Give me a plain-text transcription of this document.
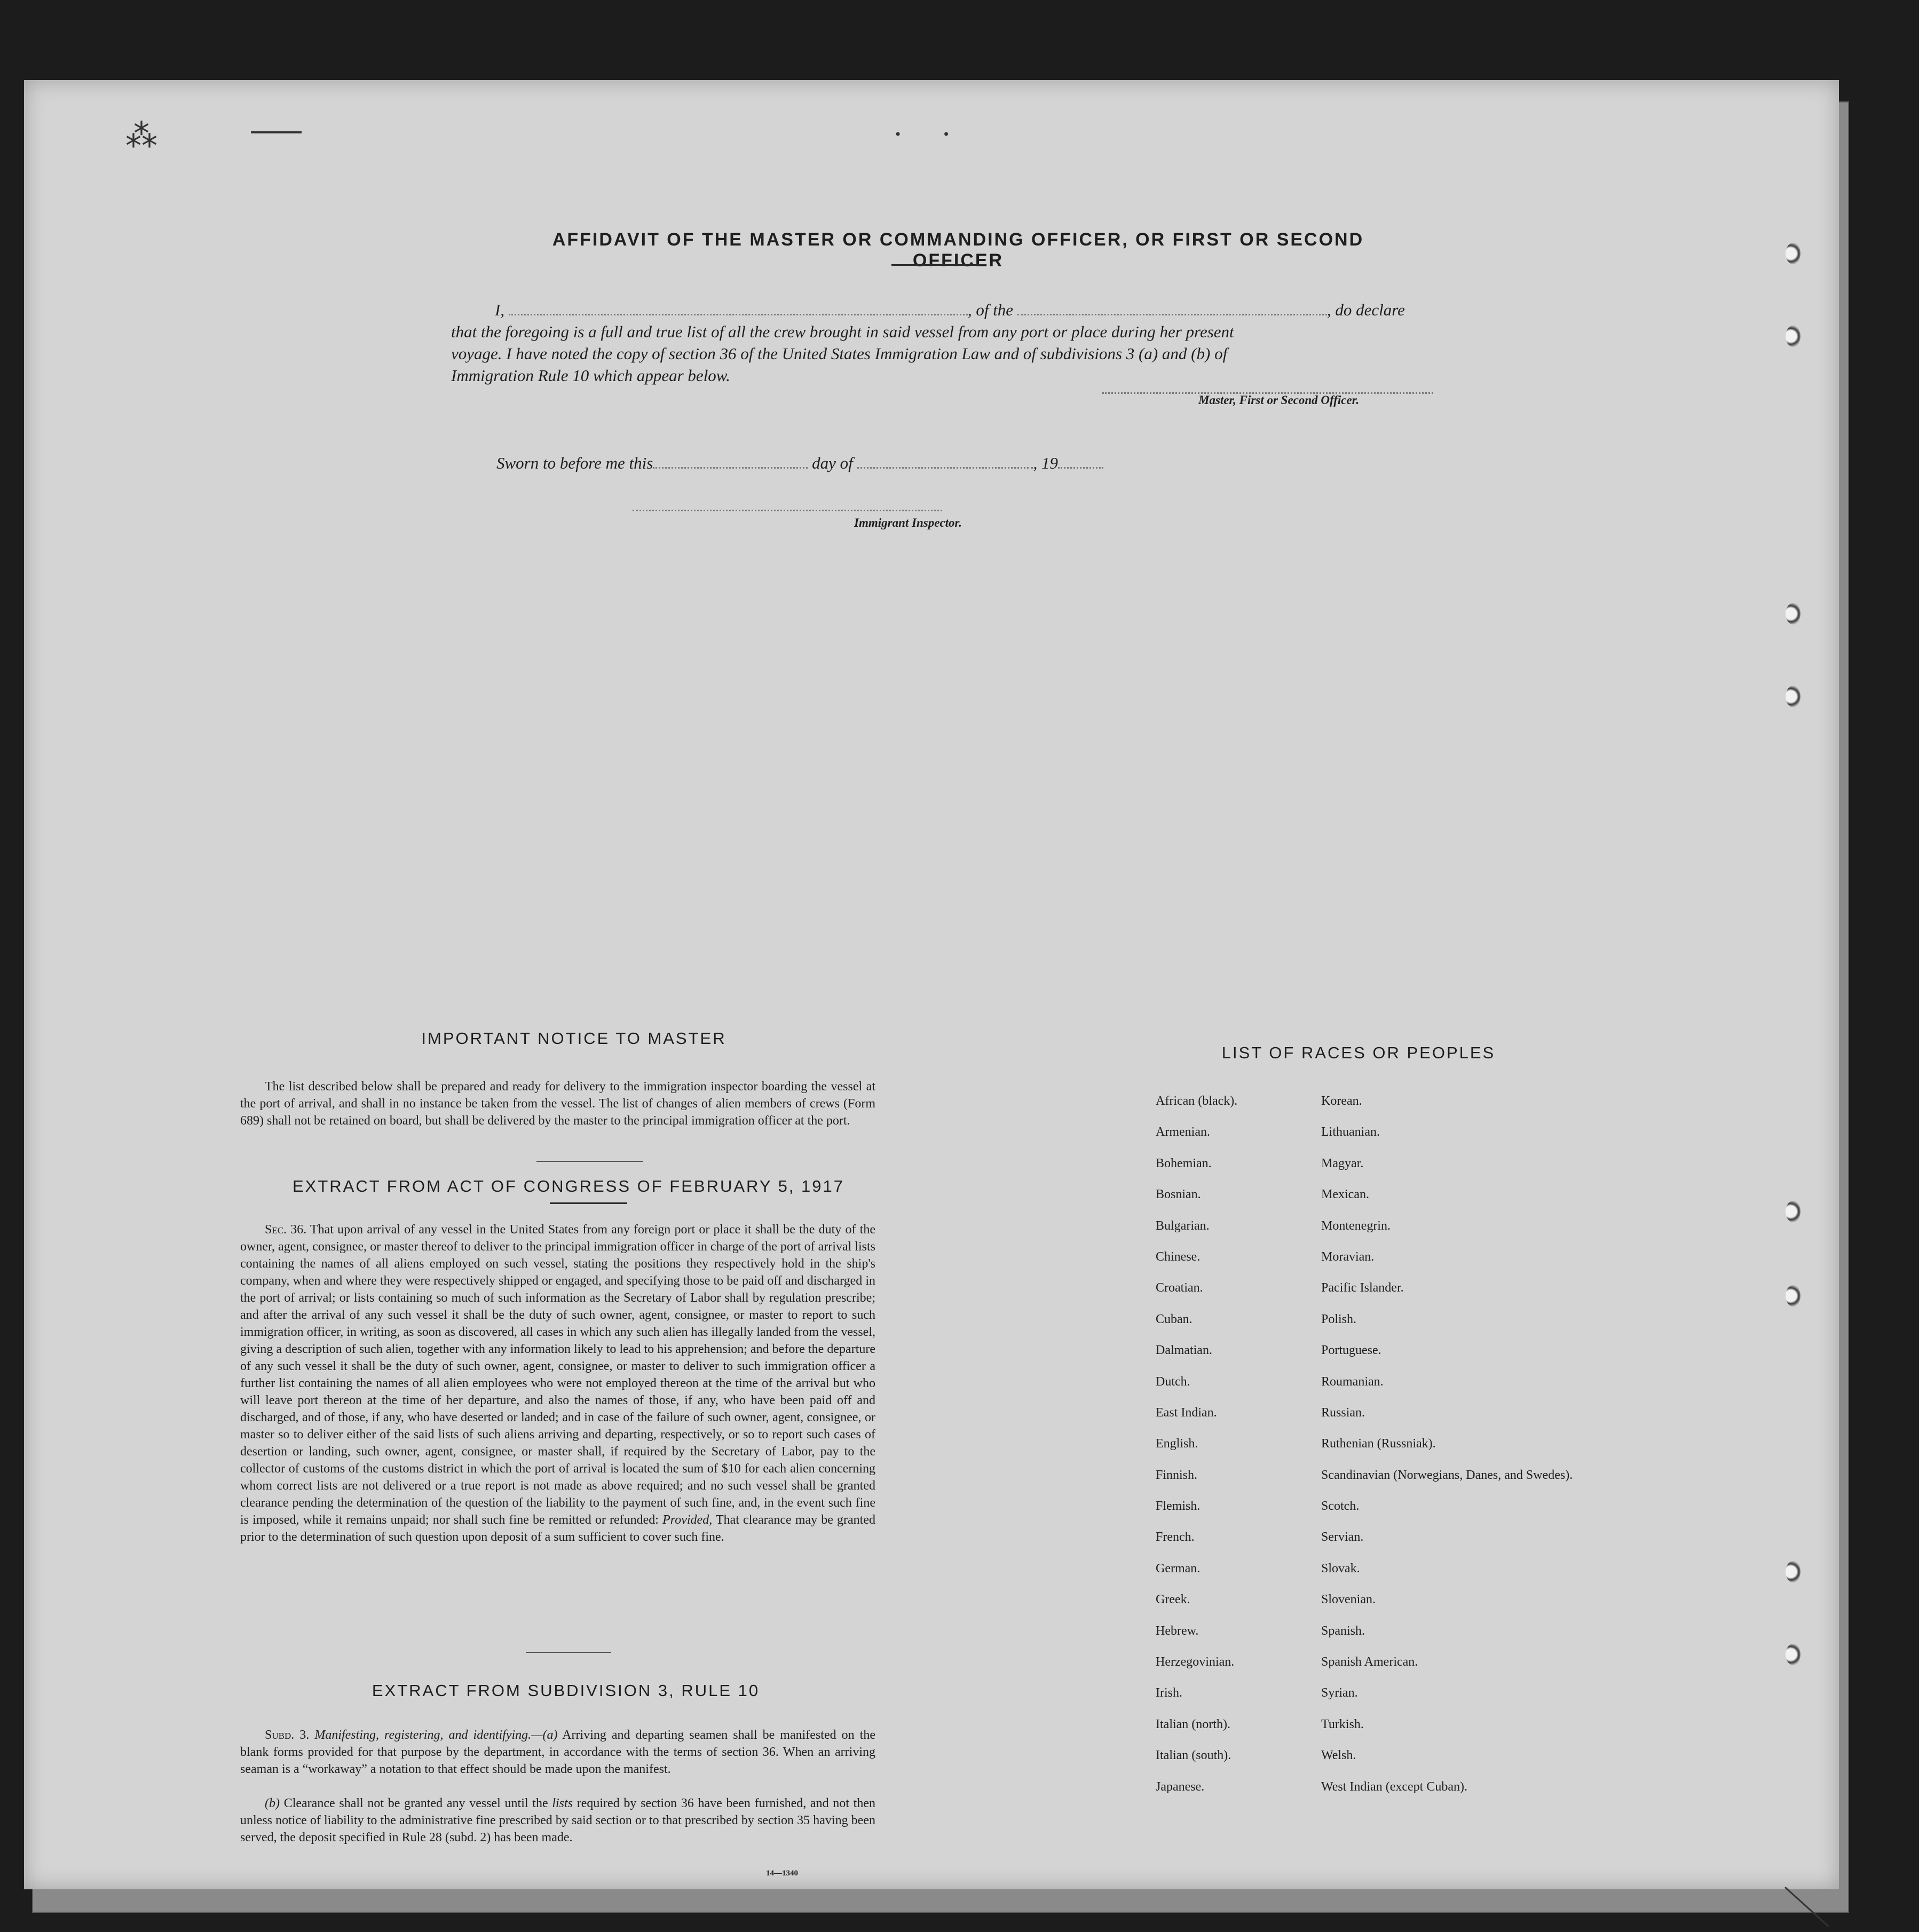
⁂	•          •
AFFIDAVIT OF THE MASTER OR COMMANDING OFFICER, OR FIRST OR SECOND OFFICER
I,	, of the	, do declare
that the foregoing is a full and true list of all the crew brought in said vessel from any port or place during her present
voyage. I have noted the copy of section 36 of the United States Immigration Law and of subdivisions 3 (a) and (b) of
Immigration Rule 10 which appear below.
Master, First or Second Officer.
Sworn to before me this	day of	, 19
Immigrant Inspector.
IMPORTANT NOTICE TO MASTER
The list described below shall be prepared and ready for delivery to the immigration inspector boarding the vessel at the port of arrival, and shall in no instance be taken from the vessel. The list of changes of alien members of crews (Form 689) shall not be retained on board, but shall be delivered by the master to the principal immigration officer at the port.
EXTRACT FROM ACT OF CONGRESS OF FEBRUARY 5, 1917
Sec. 36. That upon arrival of any vessel in the United States from any foreign port or place it shall be the duty of the owner, agent, consignee, or master thereof to deliver to the principal immigration officer in charge of the port of arrival lists containing the names of all aliens employed on such vessel, stating the positions they respectively hold in the ship's company, when and where they were respectively shipped or engaged, and specifying those to be paid off and discharged in the port of arrival; or lists containing so much of such information as the Secretary of Labor shall by regulation prescribe; and after the arrival of any such vessel it shall be the duty of such owner, agent, consignee, or master to report to such immigration officer, in writing, as soon as discovered, all cases in which any such alien has illegally landed from the vessel, giving a description of such alien, together with any information likely to lead to his apprehension; and before the departure of any such vessel it shall be the duty of such owner, agent, consignee, or master to deliver to such immigration officer a further list containing the names of all alien employees who were not employed thereon at the time of the arrival but who will leave port thereon at the time of her departure, and also the names of those, if any, who have been paid off and discharged, and of those, if any, who have deserted or landed; and in case of the failure of such owner, agent, consignee, or master so to deliver either of the said lists of such aliens arriving and departing, respectively, or so to report such cases of desertion or landing, such owner, agent, consignee, or master shall, if required by the Secretary of Labor, pay to the collector of customs of the customs district in which the port of arrival is located the sum of $10 for each alien concerning whom correct lists are not delivered or a true report is not made as above required; and no such vessel shall be granted clearance pending the determination of the question of the liability to the payment of such fine, and, in the event such fine is imposed, while it remains unpaid; nor shall such fine be remitted or refunded: Provided, That clearance may be granted prior to the determination of such question upon deposit of a sum sufficient to cover such fine.
EXTRACT FROM SUBDIVISION 3, RULE 10
Subd. 3. Manifesting, registering, and identifying.—(a) Arriving and departing seamen shall be manifested on the blank forms provided for that purpose by the department, in accordance with the terms of section 36. When an arriving seaman is a “workaway” a notation to that effect should be made upon the manifest.
(b) Clearance shall not be granted any vessel until the lists required by section 36 have been furnished, and not then unless notice of liability to the administrative fine prescribed by said section or to that prescribed by section 35 having been served, the deposit specified in Rule 28 (subd. 2) has been made.
14—1340
LIST OF RACES OR PEOPLES
African (black).	Korean.
Armenian.	Lithuanian.
Bohemian.	Magyar.
Bosnian.	Mexican.
Bulgarian.	Montenegrin.
Chinese.	Moravian.
Croatian.	Pacific Islander.
Cuban.	Polish.
Dalmatian.	Portuguese.
Dutch.	Roumanian.
East Indian.	Russian.
English.	Ruthenian (Russniak).
Finnish.	Scandinavian (Norwegians, Danes, and Swedes).
Flemish.	Scotch.
French.	Servian.
German.	Slovak.
Greek.	Slovenian.
Hebrew.	Spanish.
Herzegovinian.	Spanish American.
Irish.	Syrian.
Italian (north).	Turkish.
Italian (south).	Welsh.
Japanese.	West Indian (except Cuban).
